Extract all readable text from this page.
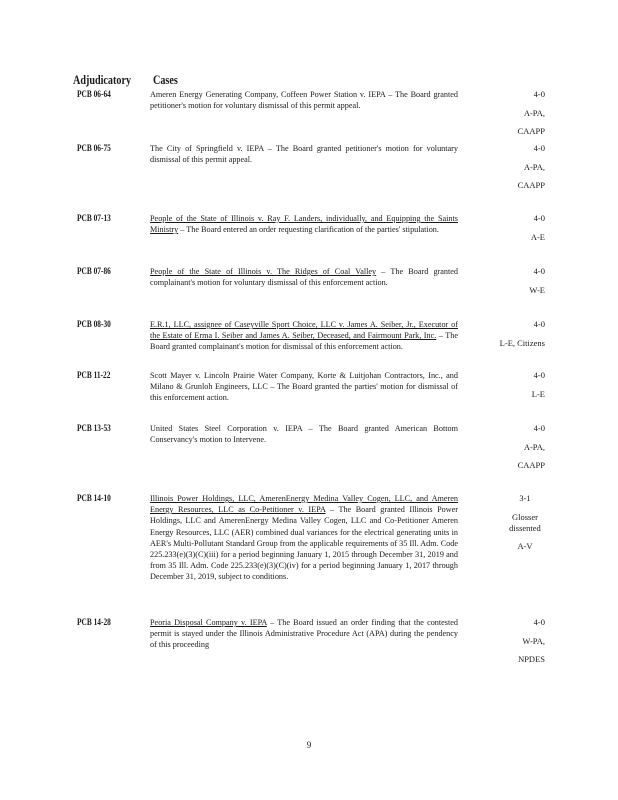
Adjudicatory Cases
PCB 06-64	Ameren Energy Generating Company, Coffeen Power Station v. IEPA – The Board granted petitioner's motion for voluntary dismissal of this permit appeal.
4-0
A-PA,
CAAPP
PCB 06-75	The City of Springfield v. IEPA – The Board granted petitioner's motion for voluntary dismissal of this permit appeal.
4-0
A-PA,
CAAPP
PCB 07-13	People of the State of Illinois v. Ray F. Landers, individually, and Equipping the Saints Ministry – The Board entered an order requesting clarification of the parties' stipulation.
4-0
A-E
PCB 07-86	People of the State of Illinois v. The Ridges of Coal Valley – The Board granted complainant's motion for voluntary dismissal of this enforcement action.
4-0
W-E
PCB 08-30	E.R.1, LLC, assignee of Caseyville Sport Choice, LLC v. James A. Seiber, Jr., Executor of the Estate of Erma I. Seiber and James A. Seiber, Deceased, and Fairmount Park, Inc. – The Board granted complainant's motion for dismissal of this enforcement action.
4-0
L-E, Citizens
PCB 11-22	Scott Mayer v. Lincoln Prairie Water Company, Korte & Luitjohan Contractors, Inc., and Milano & Grunloh Engineers, LLC – The Board granted the parties' motion for dismissal of this enforcement action.
4-0
L-E
PCB 13-53	United States Steel Corporation v. IEPA – The Board granted American Bottom Conservancy's motion to Intervene.
4-0
A-PA,
CAAPP
PCB 14-10	Illinois Power Holdings, LLC, AmerenEnergy Medina Valley Cogen, LLC, and Ameren Energy Resources, LLC as Co-Petitioner v. IEPA – The Board granted Illinois Power Holdings, LLC and AmerenEnergy Medina Valley Cogen, LLC and Co-Petitioner Ameren Energy Resources, LLC (AER) combined dual variances for the electrical generating units in AER's Multi-Pollutant Standard Group from the applicable requirements of 35 Ill. Adm. Code 225.233(e)(3)(C)(iii) for a period beginning January 1, 2015 through December 31, 2019 and from 35 Ill. Adm. Code 225.233(e)(3)(C)(iv) for a period beginning January 1, 2017 through December 31, 2019, subject to conditions.
3-1
Glosser dissented
A-V
PCB 14-28	Peoria Disposal Company v. IEPA – The Board issued an order finding that the contested permit is stayed under the Illinois Administrative Procedure Act (APA) during the pendency of this proceeding
4-0
W-PA,
NPDES
9
